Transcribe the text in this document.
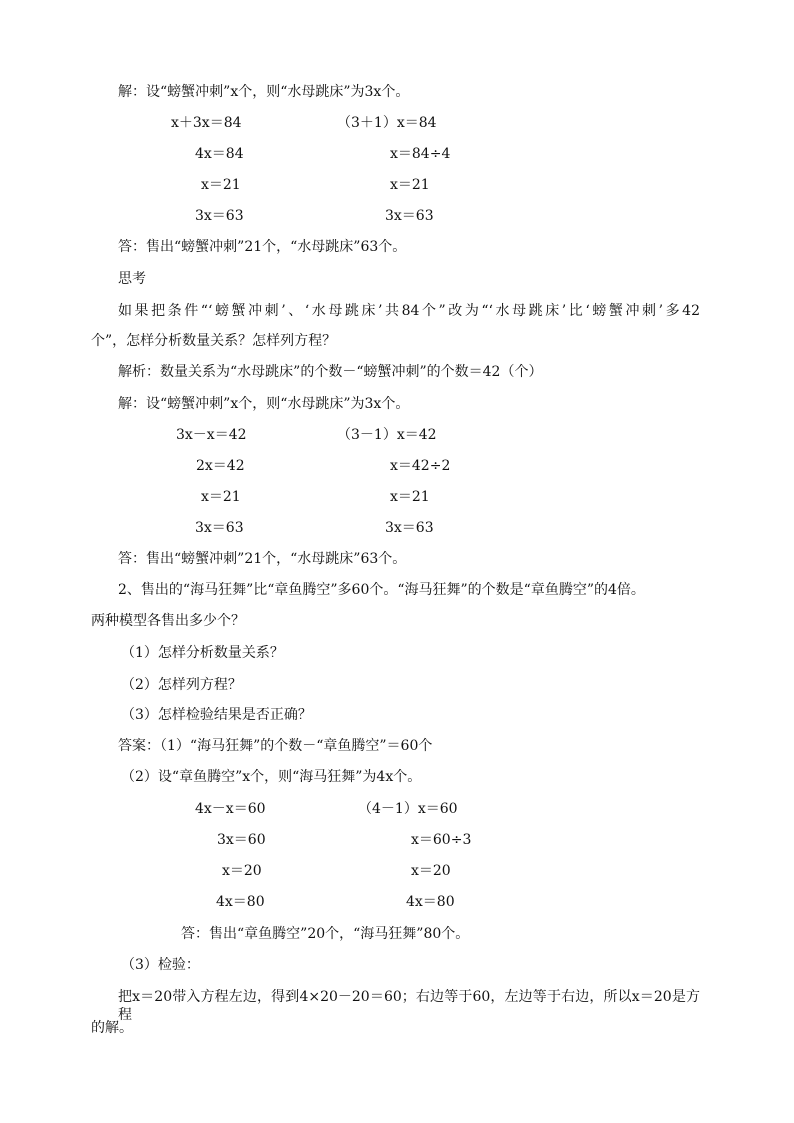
解：设“螃蟹冲刺”x个，则“水母跳床”为3x个。
x＋3x＝84
4x＝84
x＝21
3x＝63
（3＋1）x＝84
x＝84÷4
x＝21
3x＝63
答：售出“螃蟹冲刺”21个，“水母跳床”63个。
思考
如果把条件“‘螃蟹冲刺’、‘水母跳床’共84个”改为“‘水母跳床’比‘螃蟹冲刺’多42
个”，怎样分析数量关系？怎样列方程？
解析：数量关系为“水母跳床”的个数－“螃蟹冲刺”的个数＝42（个）
解：设“螃蟹冲刺”x个，则“水母跳床”为3x个。
3x－x＝42
2x＝42
x＝21
3x＝63
（3－1）x＝42
x＝42÷2
x＝21
3x＝63
答：售出“螃蟹冲刺”21个，“水母跳床”63个。
2、售出的“海马狂舞”比“章鱼腾空”多60个。“海马狂舞”的个数是“章鱼腾空”的4倍。
两种模型各售出多少个？
（1）怎样分析数量关系？
（2）怎样列方程？
（3）怎样检验结果是否正确？
答案：（1）“海马狂舞”的个数－“章鱼腾空”＝60个
（2）设“章鱼腾空”x个，则“海马狂舞”为4x个。
4x－x＝60
3x＝60
x＝20
4x＝80
（4－1）x＝60
x＝60÷3
x＝20
4x＝80
答：售出“章鱼腾空”20个，“海马狂舞”80个。
（3）检验：
把x＝20带入方程左边，得到4×20－20＝60；右边等于60，左边等于右边，所以x＝20是方程
的解。
